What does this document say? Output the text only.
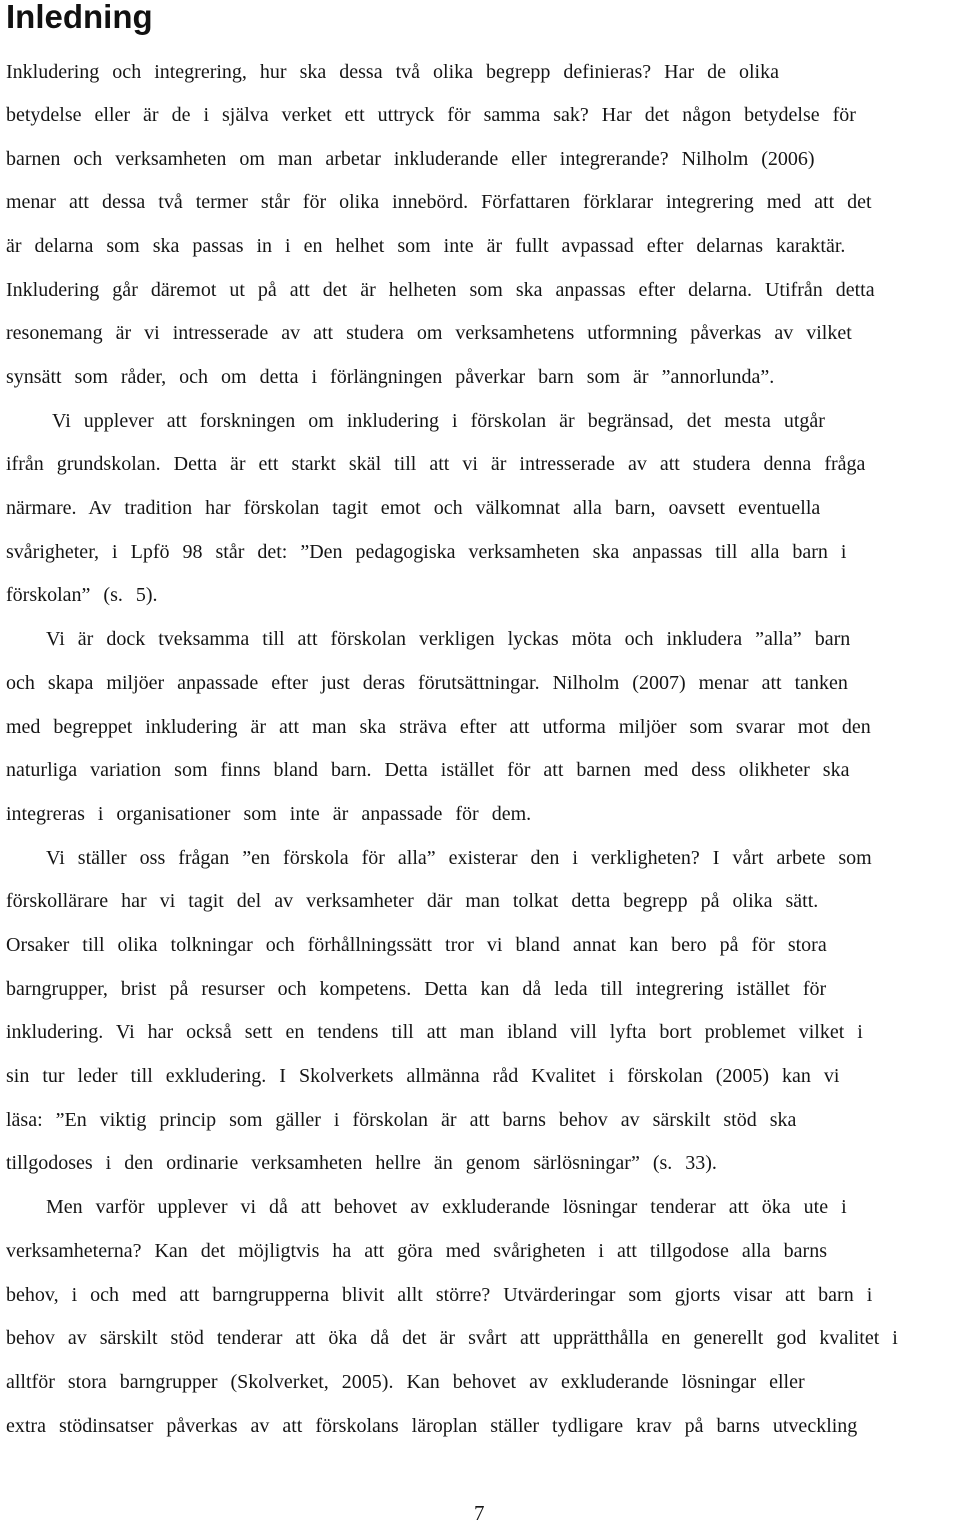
Inledning
Inkludering och integrering, hur ska dessa två olika begrepp definieras? Har de olika
betydelse eller är de i själva verket ett uttryck för samma sak? Har det någon betydelse för
barnen och verksamheten om man arbetar inkluderande eller integrerande? Nilholm (2006)
menar att dessa två termer står för olika innebörd. Författaren förklarar integrering med att det
är delarna som ska passas in i en helhet som inte är fullt avpassad efter delarnas karaktär.
Inkludering går däremot ut på att det är helheten som ska anpassas efter delarna. Utifrån detta
resonemang är vi intresserade av att studera om verksamhetens utformning påverkas av vilket
synsätt som råder, och om detta i förlängningen påverkar barn som är ”annorlunda”.
Vi upplever att forskningen om inkludering i förskolan är begränsad, det mesta utgår
ifrån grundskolan. Detta är ett starkt skäl till att vi är intresserade av att studera denna fråga
närmare. Av tradition har förskolan tagit emot och välkomnat alla barn, oavsett eventuella
svårigheter, i Lpfö 98 står det: ”Den pedagogiska verksamheten ska anpassas till alla barn i
förskolan” (s. 5).
Vi är dock tveksamma till att förskolan verkligen lyckas möta och inkludera ”alla” barn
och skapa miljöer anpassade efter just deras förutsättningar. Nilholm (2007) menar att tanken
med begreppet inkludering är att man ska sträva efter att utforma miljöer som svarar mot den
naturliga variation som finns bland barn. Detta istället för att barnen med dess olikheter ska
integreras i organisationer som inte är anpassade för dem.
Vi ställer oss frågan ”en förskola för alla” existerar den i verkligheten? I vårt arbete som
förskollärare har vi tagit del av verksamheter där man tolkat detta begrepp på olika sätt.
Orsaker till olika tolkningar och förhållningssätt tror vi bland annat kan bero på för stora
barngrupper, brist på resurser och kompetens. Detta kan då leda till integrering istället för
inkludering. Vi har också sett en tendens till att man ibland vill lyfta bort problemet vilket i
sin tur leder till exkludering. I Skolverkets allmänna råd Kvalitet i förskolan (2005) kan vi
läsa: ”En viktig princip som gäller i förskolan är att barns behov av särskilt stöd ska
tillgodoses i den ordinarie verksamheten hellre än genom särlösningar” (s. 33).
Men varför upplever vi då att behovet av exkluderande lösningar tenderar att öka ute i
verksamheterna? Kan det möjligtvis ha att göra med svårigheten i att tillgodose alla barns
behov, i och med att barngrupperna blivit allt större? Utvärderingar som gjorts visar att barn i
behov av särskilt stöd tenderar att öka då det är svårt att upprätthålla en generellt god kvalitet i
alltför stora barngrupper (Skolverket, 2005). Kan behovet av exkluderande lösningar eller
extra stödinsatser påverkas av att förskolans läroplan ställer tydligare krav på barns utveckling
7
